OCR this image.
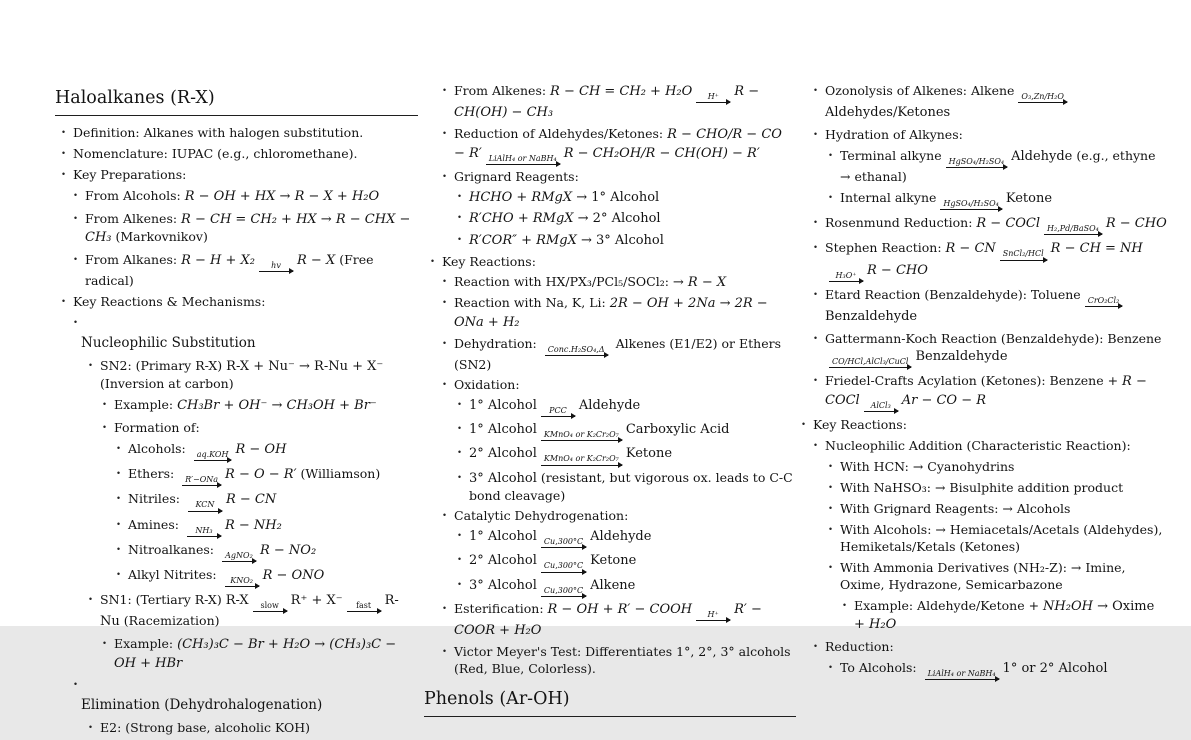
Haloalkanes (R-X)
• Definition: Alkanes with halogen substitution.
• Nomenclature: IUPAC (e.g., chloromethane).
• Key Preparations:
• From Alcohols: R − OH + HX → R − X + H₂O
• From Alkenes: R − CH = CH₂ + HX → R − CHX − CH₃ (Markovnikov)
• From Alkanes: R − H + X₂	hv R − X (Free radical)
• Key Reactions & Mechanisms:
•
Nucleophilic Substitution
• SN2: (Primary R-X) R-X + Nu⁻ → R-Nu + X⁻ (Inversion at carbon)
• Example: CH₃Br + OH⁻ → CH₃OH + Br⁻
• Formation of:
• Alcohols: aq.KOH R − OH
• Ethers: R′−ONa R − O − R′ (Williamson)
• Nitriles:	KCN R − CN
• Amines:	NH₃ R − NH₂
• Nitroalkanes: AgNO₂ R − NO₂
• Alkyl Nitrites:	KNO₂ R − ONO
• SN1: (Tertiary R-X) R-X	slow R⁺ + X⁻	fast R-Nu (Racemization)
• Example: (CH₃)₃C − Br + H₂O → (CH₃)₃C − OH + HBr
•
Elimination (Dehydrohalogenation)
• E2: (Strong base, alcoholic KOH)
• From Alkenes: R − CH = CH₂ + H₂O	H⁺ R − CH(OH) − CH₃
• Reduction of Aldehydes/Ketones: R − CHO/R − CO − R′ LiAlH₄ or NaBH₄ R − CH₂OH/R − CH(OH) − R′
• Grignard Reagents:
• HCHO + RMgX → 1° Alcohol
• R′CHO + RMgX → 2° Alcohol
• R′COR″ + RMgX → 3° Alcohol
• Key Reactions:
• Reaction with HX/PX₃/PCl₅/SOCl₂: → R − X
• Reaction with Na, K, Li: 2R − OH + 2Na → 2R − ONa + H₂
• Dehydration: Conc.H₂SO₄,Δ Alkenes (E1/E2) or Ethers (SN2)
• Oxidation:
• 1° Alcohol	PCC Aldehyde
• 1° Alcohol KMnO₄ or K₂Cr₂O₇ Carboxylic Acid
• 2° Alcohol KMnO₄ or K₂Cr₂O₇ Ketone
• 3° Alcohol (resistant, but vigorous ox. leads to C-C bond cleavage)
• Catalytic Dehydrogenation:
• 1° Alcohol Cu,300°C Aldehyde
• 2° Alcohol Cu,300°C Ketone
• 3° Alcohol Cu,300°C Alkene
• Esterification: R − OH + R′ − COOH	H⁺ R′ − COOR + H₂O
• Victor Meyer's Test: Differentiates 1°, 2°, 3° alcohols (Red, Blue, Colorless).
Phenols (Ar-OH)
• Ozonolysis of Alkenes: Alkene O₃,Zn/H₂O
Aldehydes/Ketones
• Hydration of Alkynes:
• Terminal alkyne HgSO₄/H₂SO₄ Aldehyde (e.g., ethyne → ethanal)
• Internal alkyne HgSO₄/H₂SO₄ Ketone
• Rosenmund Reduction: R − COCl H₂,Pd/BaSO₄ R − CHO
• Stephen Reaction: R − CN SnCl₂/HCl R − CH = NH
H₃O⁺ R − CHO
• Etard Reaction (Benzaldehyde): Toluene CrO₂Cl₂
Benzaldehyde
• Gattermann-Koch Reaction (Benzaldehyde): Benzene
CO/HCl,AlCl₃/CuCl Benzaldehyde
• Friedel-Crafts Acylation (Ketones): Benzene + R − COCl	AlCl₃ Ar − CO − R
• Key Reactions:
• Nucleophilic Addition (Characteristic Reaction):
• With HCN: → Cyanohydrins
• With NaHSO₃: → Bisulphite addition product
• With Grignard Reagents: → Alcohols
• With Alcohols: → Hemiacetals/Acetals (Aldehydes), Hemiketals/Ketals (Ketones)
• With Ammonia Derivatives (NH₂-Z): → Imine, Oxime, Hydrazone, Semicarbazone
• Example: Aldehyde/Ketone + NH₂OH → Oxime + H₂O
• Reduction:
• To Alcohols: LiAlH₄ or NaBH₄ 1° or 2° Alcohol
